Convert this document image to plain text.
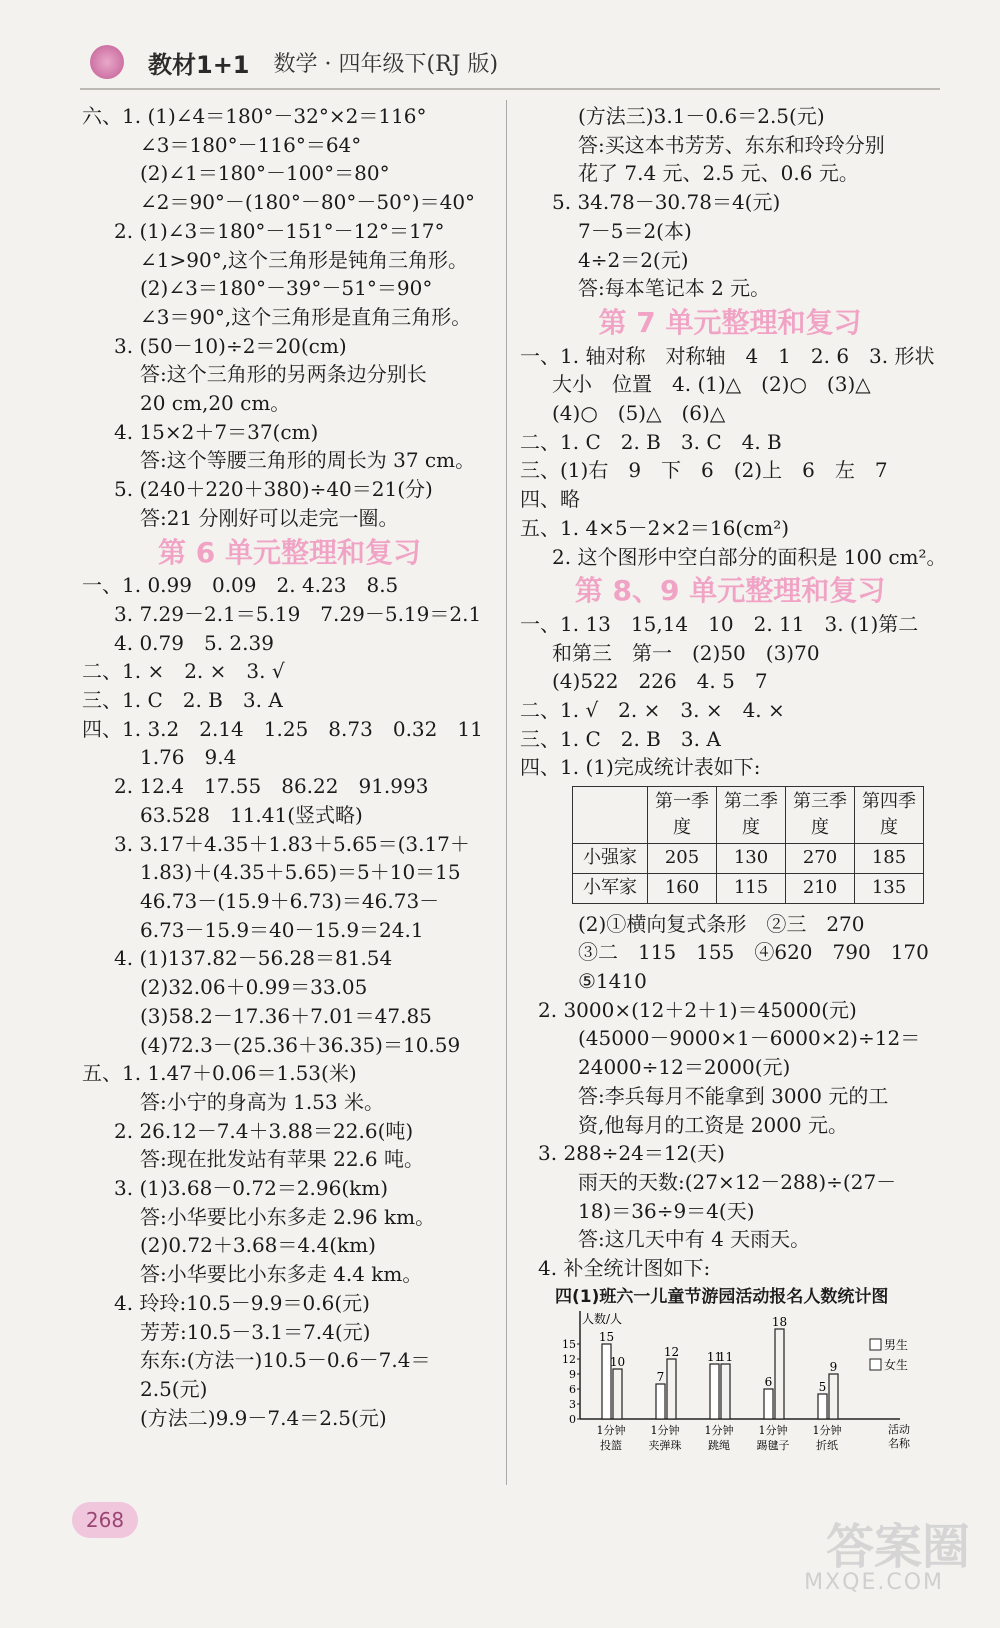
教材1+1 数学 · 四年级下(RJ 版)
六、1. (1)∠4＝180°－32°×2＝116°
∠3＝180°－116°＝64°
(2)∠1＝180°－100°＝80°
∠2＝90°－(180°－80°－50°)＝40°
2. (1)∠3＝180°－151°－12°＝17°
∠1>90°,这个三角形是钝角三角形。
(2)∠3＝180°－39°－51°＝90°
∠3＝90°,这个三角形是直角三角形。
3. (50－10)÷2＝20(cm)
答:这个三角形的另两条边分别长
20 cm,20 cm。
4. 15×2＋7＝37(cm)
答:这个等腰三角形的周长为 37 cm。
5. (240＋220＋380)÷40＝21(分)
答:21 分刚好可以走完一圈。
第 6 单元整理和复习
一、1. 0.99　0.09　2. 4.23　8.5
3. 7.29－2.1＝5.19　7.29－5.19＝2.1
4. 0.79　5. 2.39
二、1. ×　2. ×　3. √
三、1. C　2. B　3. A
四、1. 3.2　2.14　1.25　8.73　0.32　11
1.76　9.4
2. 12.4　17.55　86.22　91.993
63.528　11.41(竖式略)
3. 3.17＋4.35＋1.83＋5.65＝(3.17＋
1.83)＋(4.35＋5.65)＝5＋10＝15
46.73－(15.9＋6.73)＝46.73－
6.73－15.9＝40－15.9＝24.1
4. (1)137.82－56.28＝81.54
(2)32.06＋0.99＝33.05
(3)58.2－17.36＋7.01＝47.85
(4)72.3－(25.36＋36.35)＝10.59
五、1. 1.47＋0.06＝1.53(米)
答:小宁的身高为 1.53 米。
2. 26.12－7.4＋3.88＝22.6(吨)
答:现在批发站有苹果 22.6 吨。
3. (1)3.68－0.72＝2.96(km)
答:小华要比小东多走 2.96 km。
(2)0.72＋3.68＝4.4(km)
答:小华要比小东多走 4.4 km。
4. 玲玲:10.5－9.9＝0.6(元)
芳芳:10.5－3.1＝7.4(元)
东东:(方法一)10.5－0.6－7.4＝
2.5(元)
(方法二)9.9－7.4＝2.5(元)
(方法三)3.1－0.6＝2.5(元)
答:买这本书芳芳、东东和玲玲分别
花了 7.4 元、2.5 元、0.6 元。
5. 34.78－30.78＝4(元)
7－5＝2(本)
4÷2＝2(元)
答:每本笔记本 2 元。
第 7 单元整理和复习
一、1. 轴对称　对称轴　4　1　2. 6　3. 形状
大小　位置　4. (1)△　(2)○　(3)△
(4)○　(5)△　(6)△
二、1. C　2. B　3. C　4. B
三、(1)右　9　下　6　(2)上　6　左　7
四、略
五、1. 4×5－2×2＝16(cm²)
2. 这个图形中空白部分的面积是 100 cm²。
第 8、9 单元整理和复习
一、1. 13　15,14　10　2. 11　3. (1)第二
和第三　第一　(2)50　(3)70
(4)522　226　4. 5　7
二、1. √　2. ×　3. ×　4. ×
三、1. C　2. B　3. A
四、1. (1)完成统计表如下:
	第一季度	第二季度	第三季度	第四季度
小强家	205	130	270	185
小军家	160	115	210	135
(2)①横向复式条形　②三　270
③二　115　155　④620　790　170
⑤1410
2. 3000×(12＋2＋1)＝45000(元)
(45000－9000×1－6000×2)÷12＝
24000÷12＝2000(元)
答:李兵每月不能拿到 3000 元的工
资,他每月的工资是 2000 元。
3. 288÷24＝12(天)
雨天的天数:(27×12－288)÷(27－
18)＝36÷9＝4(天)
答:这几天中有 4 天雨天。
4. 补全统计图如下:
四(1)班六一儿童节游园活动报名人数统计图
人数/人
0
3
6
9
12
15
15
10
1分钟
投篮
7
12
1分钟
夹弹珠
11
11
1分钟
跳绳
6
18
1分钟
踢毽子
5
9
1分钟
折纸
活动
名称
男生
女生
268	答案圈
MXQE.COM
